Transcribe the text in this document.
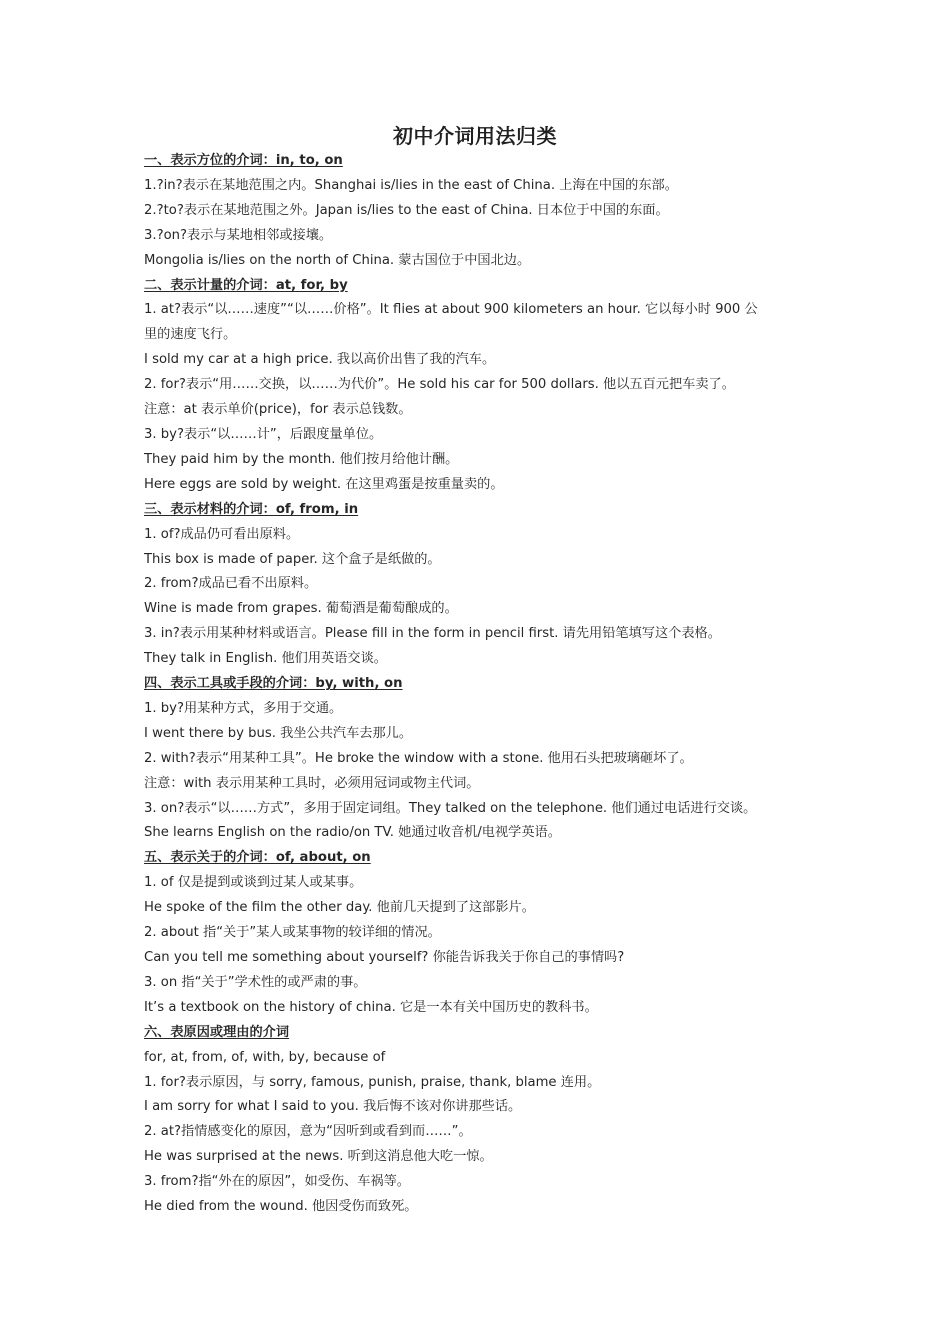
初中介词用法归类
一、表示方位的介词：in, to, on
1.?in?表示在某地范围之内。Shanghai is/lies in the east of China. 上海在中国的东部。
2.?to?表示在某地范围之外。Japan is/lies to the east of China. 日本位于中国的东面。
3.?on?表示与某地相邻或接壤。
Mongolia is/lies on the north of China. 蒙古国位于中国北边。
二、表示计量的介词：at, for, by
1. at?表示“以……速度”“以……价格”。It flies at about 900 kilometers an hour. 它以每小时 900 公
里的速度飞行。
I sold my car at a high price. 我以高价出售了我的汽车。
2. for?表示“用……交换，以……为代价”。He sold his car for 500 dollars. 他以五百元把车卖了。
注意：at 表示单价(price)，for 表示总钱数。
3. by?表示“以……计”，后跟度量单位。
They paid him by the month. 他们按月给他计酬。
Here eggs are sold by weight. 在这里鸡蛋是按重量卖的。
三、表示材料的介词：of, from, in
1. of?成品仍可看出原料。
This box is made of paper. 这个盒子是纸做的。
2. from?成品已看不出原料。
Wine is made from grapes. 葡萄酒是葡萄酿成的。
3. in?表示用某种材料或语言。Please fill in the form in pencil first. 请先用铅笔填写这个表格。
They talk in English. 他们用英语交谈。
四、表示工具或手段的介词：by, with, on
1. by?用某种方式，多用于交通。
I went there by bus. 我坐公共汽车去那儿。
2. with?表示“用某种工具”。He broke the window with a stone. 他用石头把玻璃砸坏了。
注意：with 表示用某种工具时，必须用冠词或物主代词。
3. on?表示“以……方式”，多用于固定词组。They talked on the telephone. 他们通过电话进行交谈。
She learns English on the radio/on TV. 她通过收音机/电视学英语。
五、表示关于的介词：of, about, on
1. of 仅是提到或谈到过某人或某事。
He spoke of the film the other day. 他前几天提到了这部影片。
2. about 指“关于”某人或某事物的较详细的情况。
Can you tell me something about yourself? 你能告诉我关于你自己的事情吗?
3. on 指“关于”学术性的或严肃的事。
It’s a textbook on the history of china. 它是一本有关中国历史的教科书。
六、表原因或理由的介词
for, at, from, of, with, by, because of
1. for?表示原因，与 sorry, famous, punish, praise, thank, blame 连用。
I am sorry for what I said to you. 我后悔不该对你讲那些话。
2. at?指情感变化的原因，意为“因听到或看到而……”。
He was surprised at the news. 听到这消息他大吃一惊。
3. from?指“外在的原因”，如受伤、车祸等。
He died from the wound. 他因受伤而致死。
